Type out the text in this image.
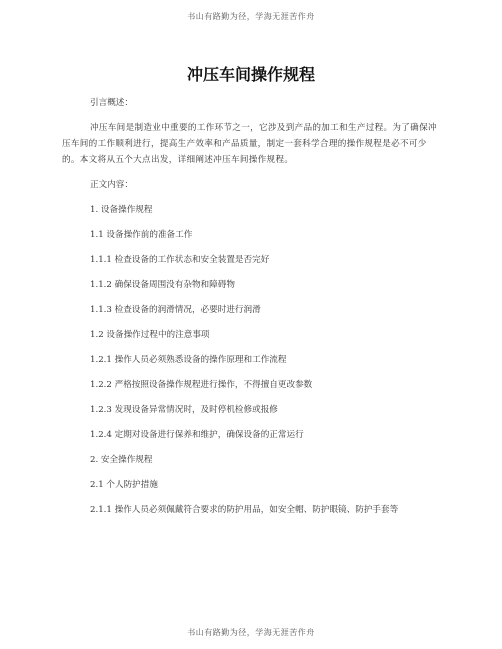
书山有路勤为径，学海无涯苦作舟
冲压车间操作规程

引言概述：

冲压车间是制造业中重要的工作环节之一，它涉及到产品的加工和生产过程。为了确保冲压车间的工作顺利进行，提高生产效率和产品质量，制定一套科学合理的操作规程是必不可少的。本文将从五个大点出发，详细阐述冲压车间操作规程。

正文内容：

1. 设备操作规程

1.1 设备操作前的准备工作

1.1.1 检查设备的工作状态和安全装置是否完好

1.1.2 确保设备周围没有杂物和障碍物

1.1.3 检查设备的润滑情况，必要时进行润滑

1.2 设备操作过程中的注意事项

1.2.1 操作人员必须熟悉设备的操作原理和工作流程

1.2.2 严格按照设备操作规程进行操作，不得擅自更改参数

1.2.3 发现设备异常情况时，及时停机检修或报修

1.2.4 定期对设备进行保养和维护，确保设备的正常运行

2. 安全操作规程

2.1 个人防护措施

2.1.1 操作人员必须佩戴符合要求的防护用品，如安全帽、防护眼镜、防护手套等

书山有路勤为径，学海无涯苦作舟
